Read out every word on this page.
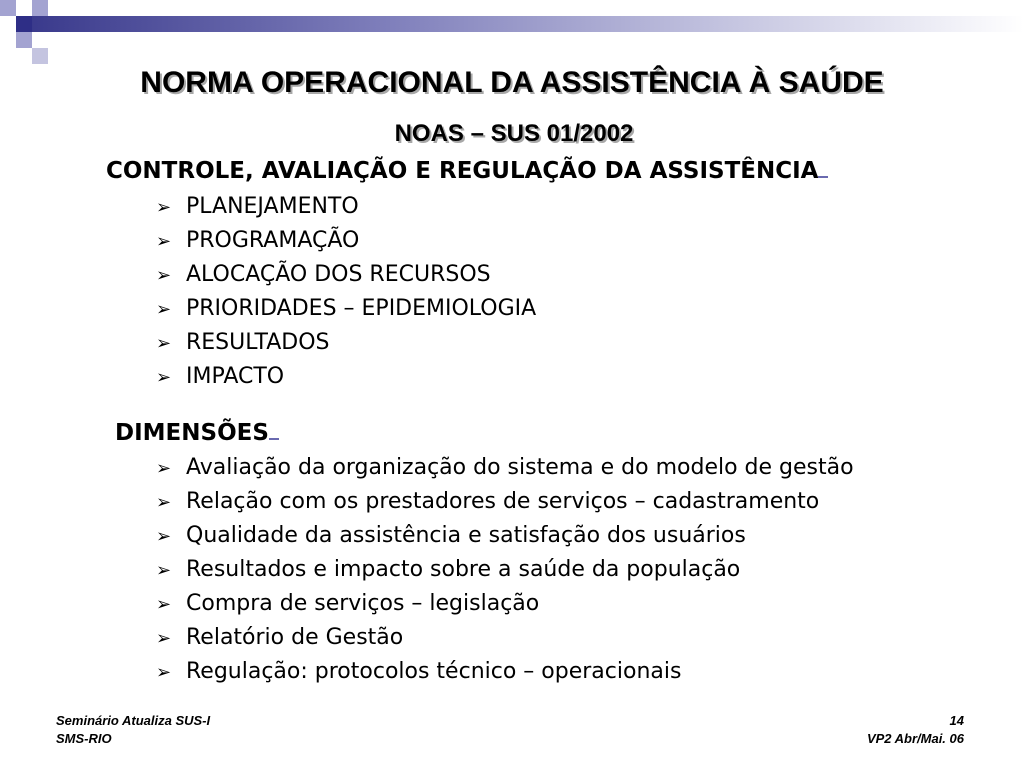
NORMA OPERACIONAL DA ASSISTÊNCIA À SAÚDE
NOAS – SUS 01/2002
CONTROLE, AVALIAÇÃO E REGULAÇÃO DA ASSISTÊNCIA
➢ PLANEJAMENTO
➢ PROGRAMAÇÃO
➢ ALOCAÇÃO DOS RECURSOS
➢ PRIORIDADES – EPIDEMIOLOGIA
➢ RESULTADOS
➢ IMPACTO
DIMENSÕES
➢ Avaliação da organização do sistema e do modelo de gestão
➢ Relação com os prestadores de serviços – cadastramento
➢ Qualidade da assistência e satisfação dos usuários
➢ Resultados e impacto sobre a saúde da população
➢ Compra de serviços – legislação
➢ Relatório de Gestão
➢ Regulação: protocolos técnico – operacionais
Seminário Atualiza SUS-I
SMS-RIO
14
VP2 Abr/Mai. 06
